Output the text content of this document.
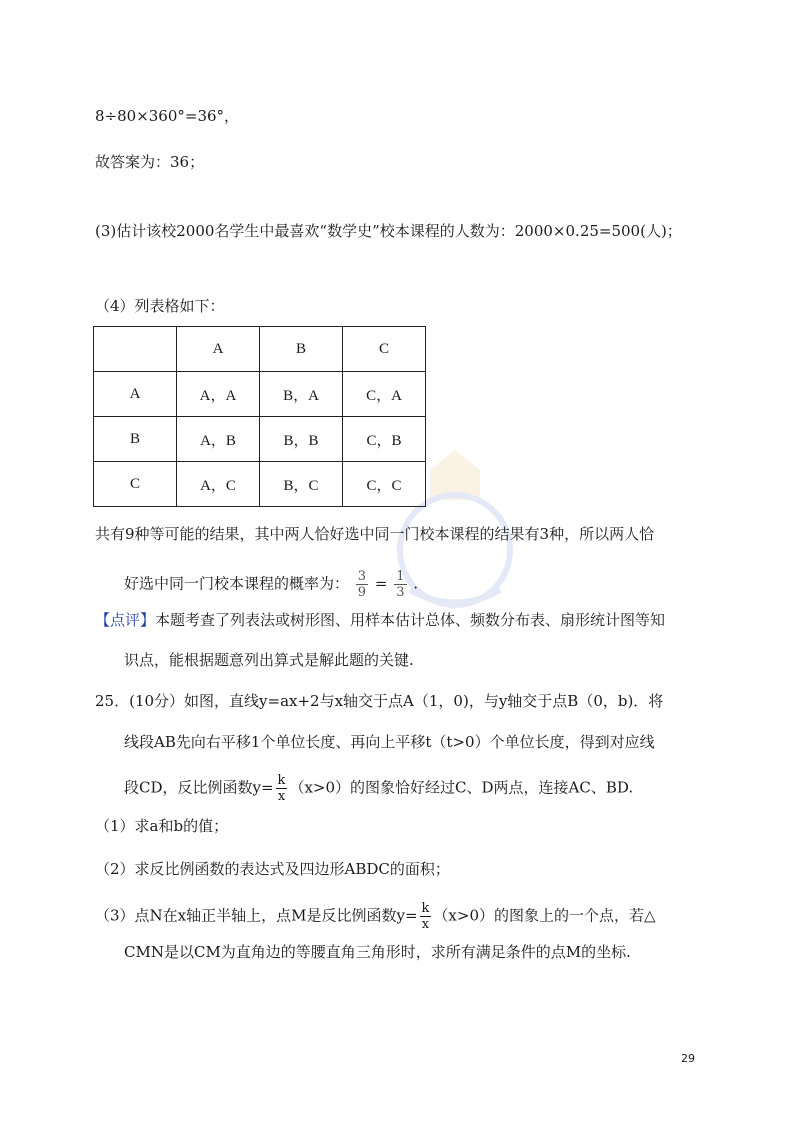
8÷80×360°=36°，
故答案为：36；
(3)估计该校2000名学生中最喜欢“数学史”校本课程的人数为：2000×0.25=500(人)；
（4）列表格如下：
	A	B	C
A	A，A	B，A	C，A
B	A，B	B，B	C，B
C	A，C	B，C	C，C
共有9种等可能的结果，其中两人恰好选中同一门校本课程的结果有3种，所以两人恰
好选中同一门校本课程的概率为： $\frac{3}{9} = \frac{1}{3}$ .
【点评】本题考查了列表法或树形图、用样本估计总体、频数分布表、扇形统计图等知
识点，能根据题意列出算式是解此题的关键.
25．(10分）如图，直线y=ax+2与x轴交于点A（1，0)，与y轴交于点B（0，b)．将
线段AB先向右平移1个单位长度、再向上平移t（t>0）个单位长度，得到对应线
段CD，反比例函数$y= \frac{k}{x} (x>0)$的图象恰好经过C、D两点，连接AC、BD.
（1）求a和b的值；
（2）求反比例函数的表达式及四边形ABDC的面积；
（3）点N在x轴正半轴上，点M是反比例函数$y= \frac{k}{x} (x>0)$的图象上的一个点，若△
CMN是以CM为直角边的等腰直角三角形时，求所有满足条件的点M的坐标.
29
